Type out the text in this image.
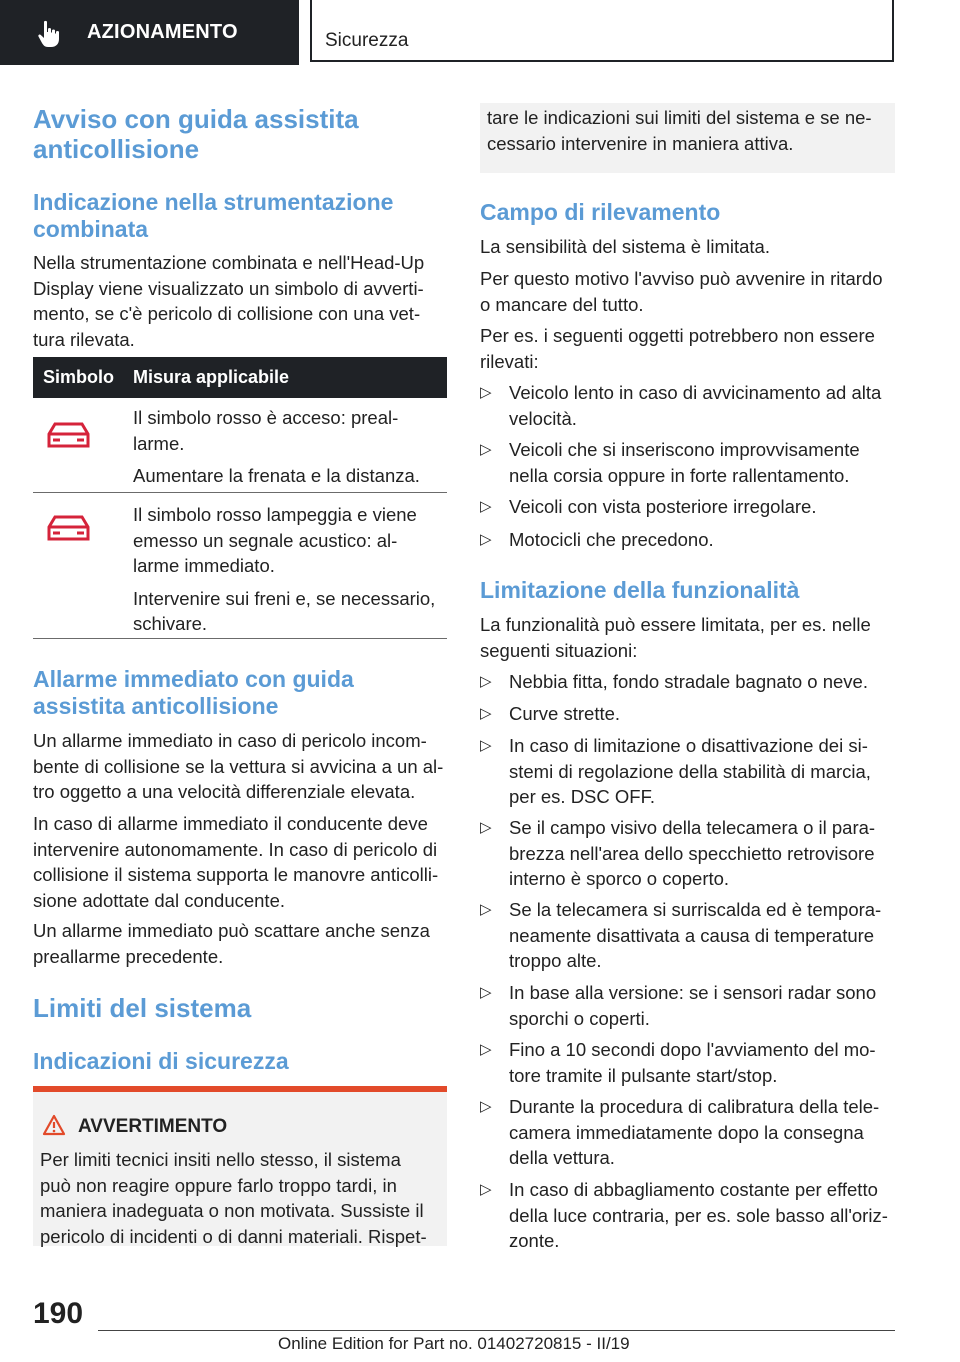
AZIONAMENTO	Sicurezza
Avviso con guida assistita
anticollisione
Indicazione nella strumentazione
combinata
Nella strumentazione combinata e nell'Head-Up
Display viene visualizzato un simbolo di avverti-
mento, se c'è pericolo di collisione con una vet-
tura rilevata.
Simbolo Misura applicabile
Il simbolo rosso è acceso: preal-
larme.
Aumentare la frenata e la distanza.
Il simbolo rosso lampeggia e viene
emesso un segnale acustico: al-
larme immediato.
Intervenire sui freni e, se necessario,
schivare.
Allarme immediato con guida
assistita anticollisione
Un allarme immediato in caso di pericolo incom-
bente di collisione se la vettura si avvicina a un al-
tro oggetto a una velocità differenziale elevata.
In caso di allarme immediato il conducente deve
intervenire autonomamente. In caso di pericolo di
collisione il sistema supporta le manovre anticolli-
sione adottate dal conducente.
Un allarme immediato può scattare anche senza
preallarme precedente.
Limiti del sistema
Indicazioni di sicurezza
AVVERTIMENTO
Per limiti tecnici insiti nello stesso, il sistema
può non reagire oppure farlo troppo tardi, in
maniera inadeguata o non motivata. Sussiste il
pericolo di incidenti o di danni materiali. Rispet-
tare le indicazioni sui limiti del sistema e se ne-
cessario intervenire in maniera attiva.
Campo di rilevamento
La sensibilità del sistema è limitata.
Per questo motivo l'avviso può avvenire in ritardo
o mancare del tutto.
Per es. i seguenti oggetti potrebbero non essere
rilevati:
▷ Veicolo lento in caso di avvicinamento ad alta
velocità.
▷ Veicoli che si inseriscono improvvisamente
nella corsia oppure in forte rallentamento.
▷ Veicoli con vista posteriore irregolare.
▷ Motocicli che precedono.
Limitazione della funzionalità
La funzionalità può essere limitata, per es. nelle
seguenti situazioni:
▷ Nebbia fitta, fondo stradale bagnato o neve.
▷ Curve strette.
▷ In caso di limitazione o disattivazione dei si-
stemi di regolazione della stabilità di marcia,
per es. DSC OFF.
▷ Se il campo visivo della telecamera o il para-
brezza nell'area dello specchietto retrovisore
interno è sporco o coperto.
▷ Se la telecamera si surriscalda ed è tempora-
neamente disattivata a causa di temperature
troppo alte.
▷ In base alla versione: se i sensori radar sono
sporchi o coperti.
▷ Fino a 10 secondi dopo l'avviamento del mo-
tore tramite il pulsante start/stop.
▷ Durante la procedura di calibratura della tele-
camera immediatamente dopo la consegna
della vettura.
▷ In caso di abbagliamento costante per effetto
della luce contraria, per es. sole basso all'oriz-
zonte.
190
Online Edition for Part no. 01402720815 - II/19
